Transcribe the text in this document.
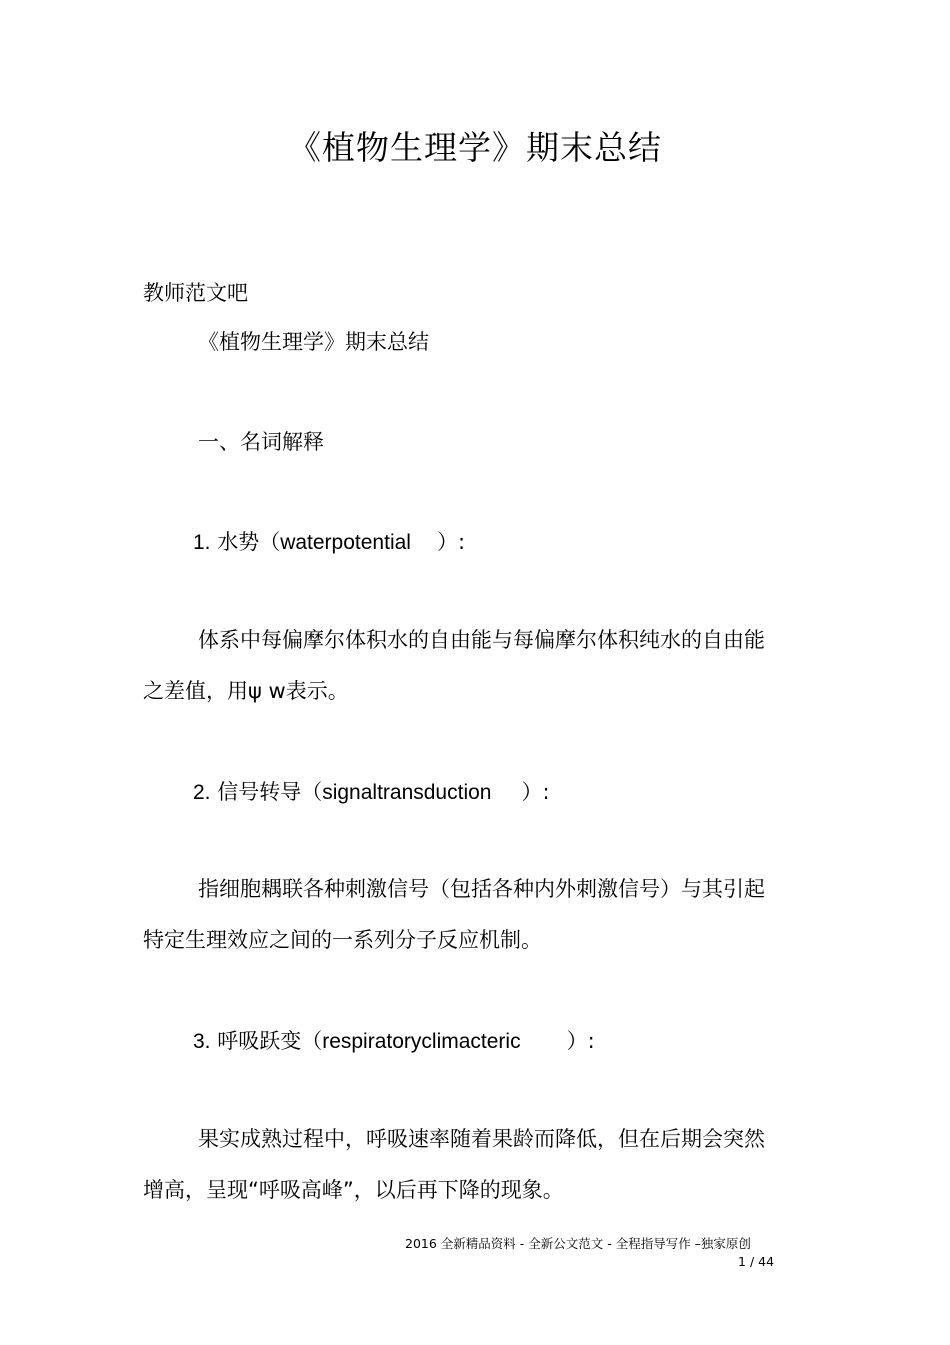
《植物生理学》期末总结
教师范文吧
《植物生理学》期末总结
一、名词解释
1. 水势（waterpotential ）:
体系中每偏摩尔体积水的自由能与每偏摩尔体积纯水的自由能
之差值，用ψ w表示。
2. 信号转导（signaltransduction ）:
指细胞耦联各种刺激信号（包括各种内外刺激信号）与其引起
特定生理效应之间的一系列分子反应机制。
3. 呼吸跃变（respiratoryclimacteric ）:
果实成熟过程中，呼吸速率随着果龄而降低，但在后期会突然
增高，呈现“呼吸高峰”，以后再下降的现象。
2016 全新精品资料 - 全新公文范文 - 全程指导写作 –独家原创
1 / 44
